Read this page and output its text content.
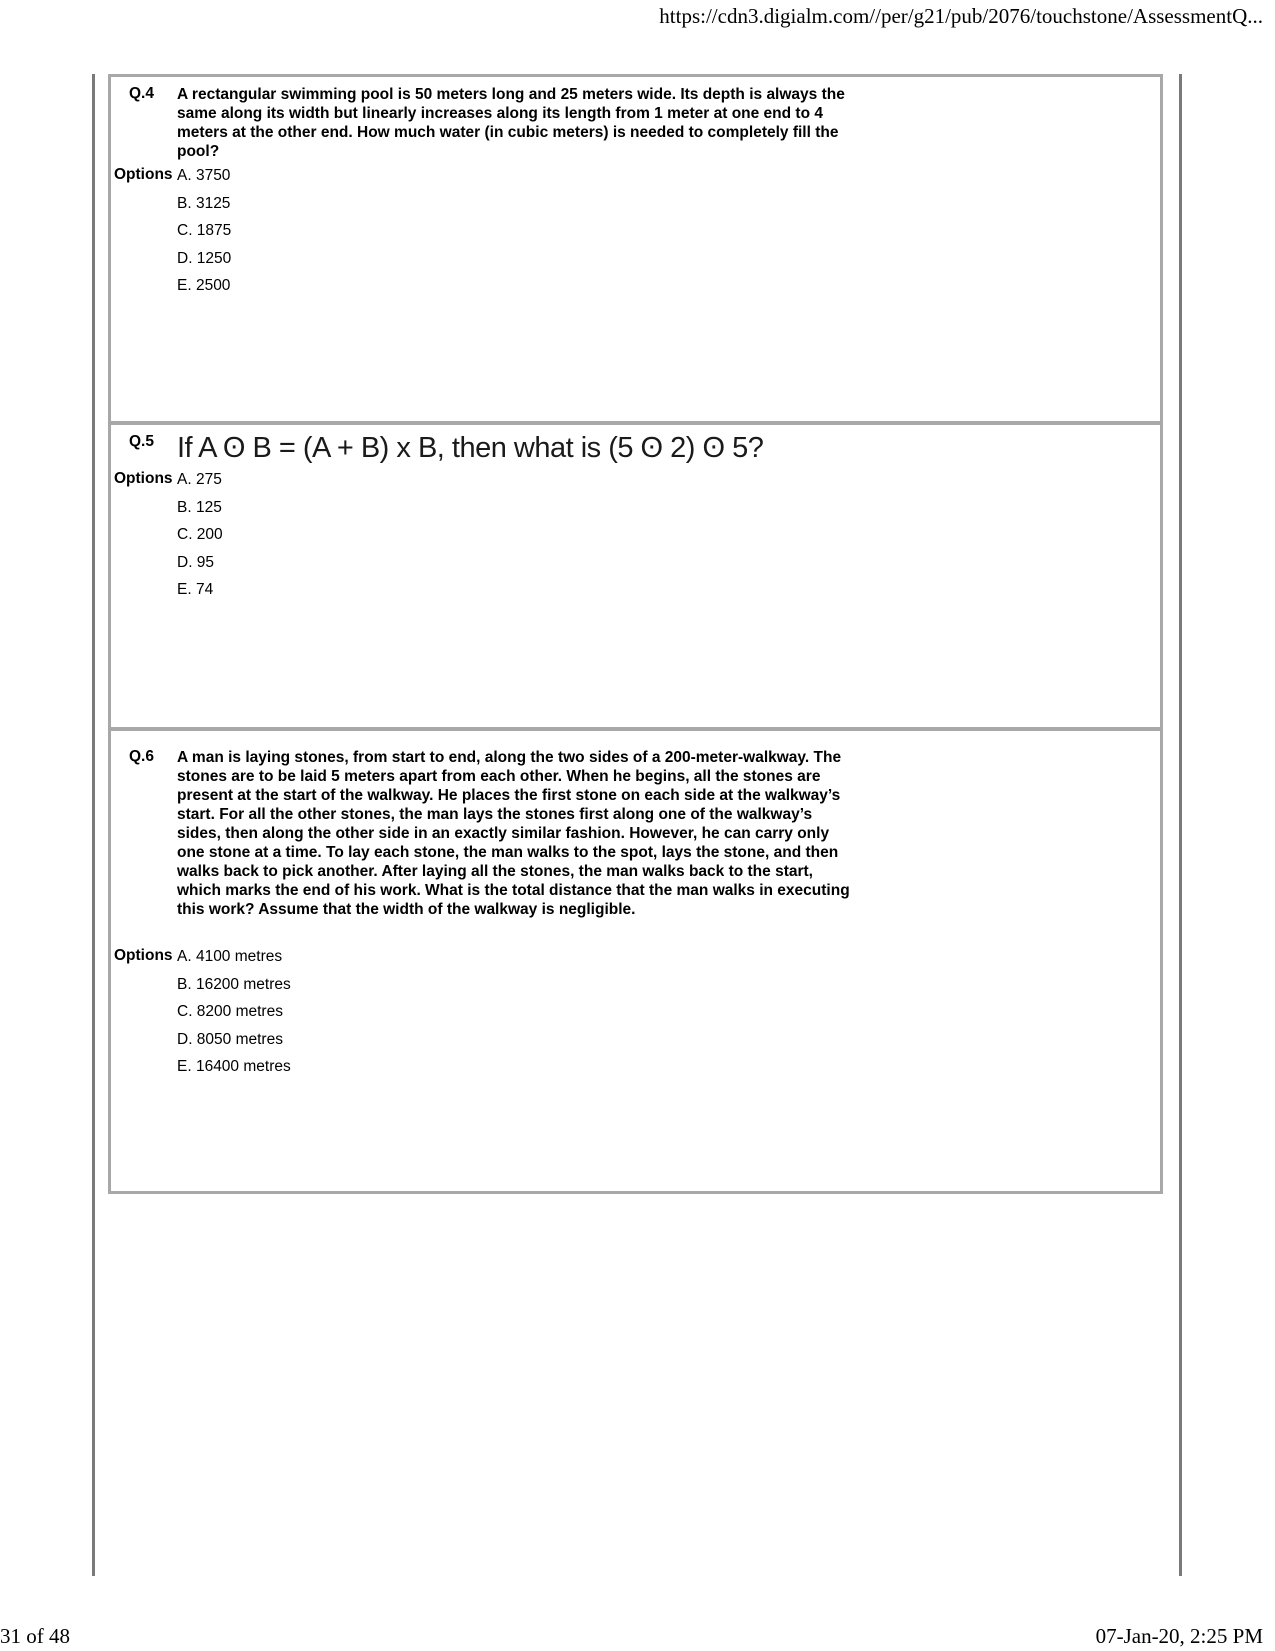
https://cdn3.digialm.com//per/g21/pub/2076/touchstone/AssessmentQ...
Q.4	A rectangular swimming pool is 50 meters long and 25 meters wide. Its depth is always the same along its width but linearly increases along its length from 1 meter at one end to 4 meters at the other end. How much water (in cubic meters) is needed to completely fill the pool?
Options A. 3750
B. 3125
C. 1875
D. 1250
E. 2500
Q.5 If A ʘ B = (A + B) x B, then what is (5 ʘ 2) ʘ 5?
Options A. 275
B. 125
C. 200
D. 95
E. 74
Q.6	A man is laying stones, from start to end, along the two sides of a 200-meter-walkway. The stones are to be laid 5 meters apart from each other. When he begins, all the stones are present at the start of the walkway. He places the first stone on each side at the walkway’s start. For all the other stones, the man lays the stones first along one of the walkway’s sides, then along the other side in an exactly similar fashion. However, he can carry only one stone at a time. To lay each stone, the man walks to the spot, lays the stone, and then walks back to pick another. After laying all the stones, the man walks back to the start, which marks the end of his work. What is the total distance that the man walks in executing this work? Assume that the width of the walkway is negligible.
Options A. 4100 metres
B. 16200 metres
C. 8200 metres
D. 8050 metres
E. 16400 metres
31 of 48	07-Jan-20, 2:25 PM
